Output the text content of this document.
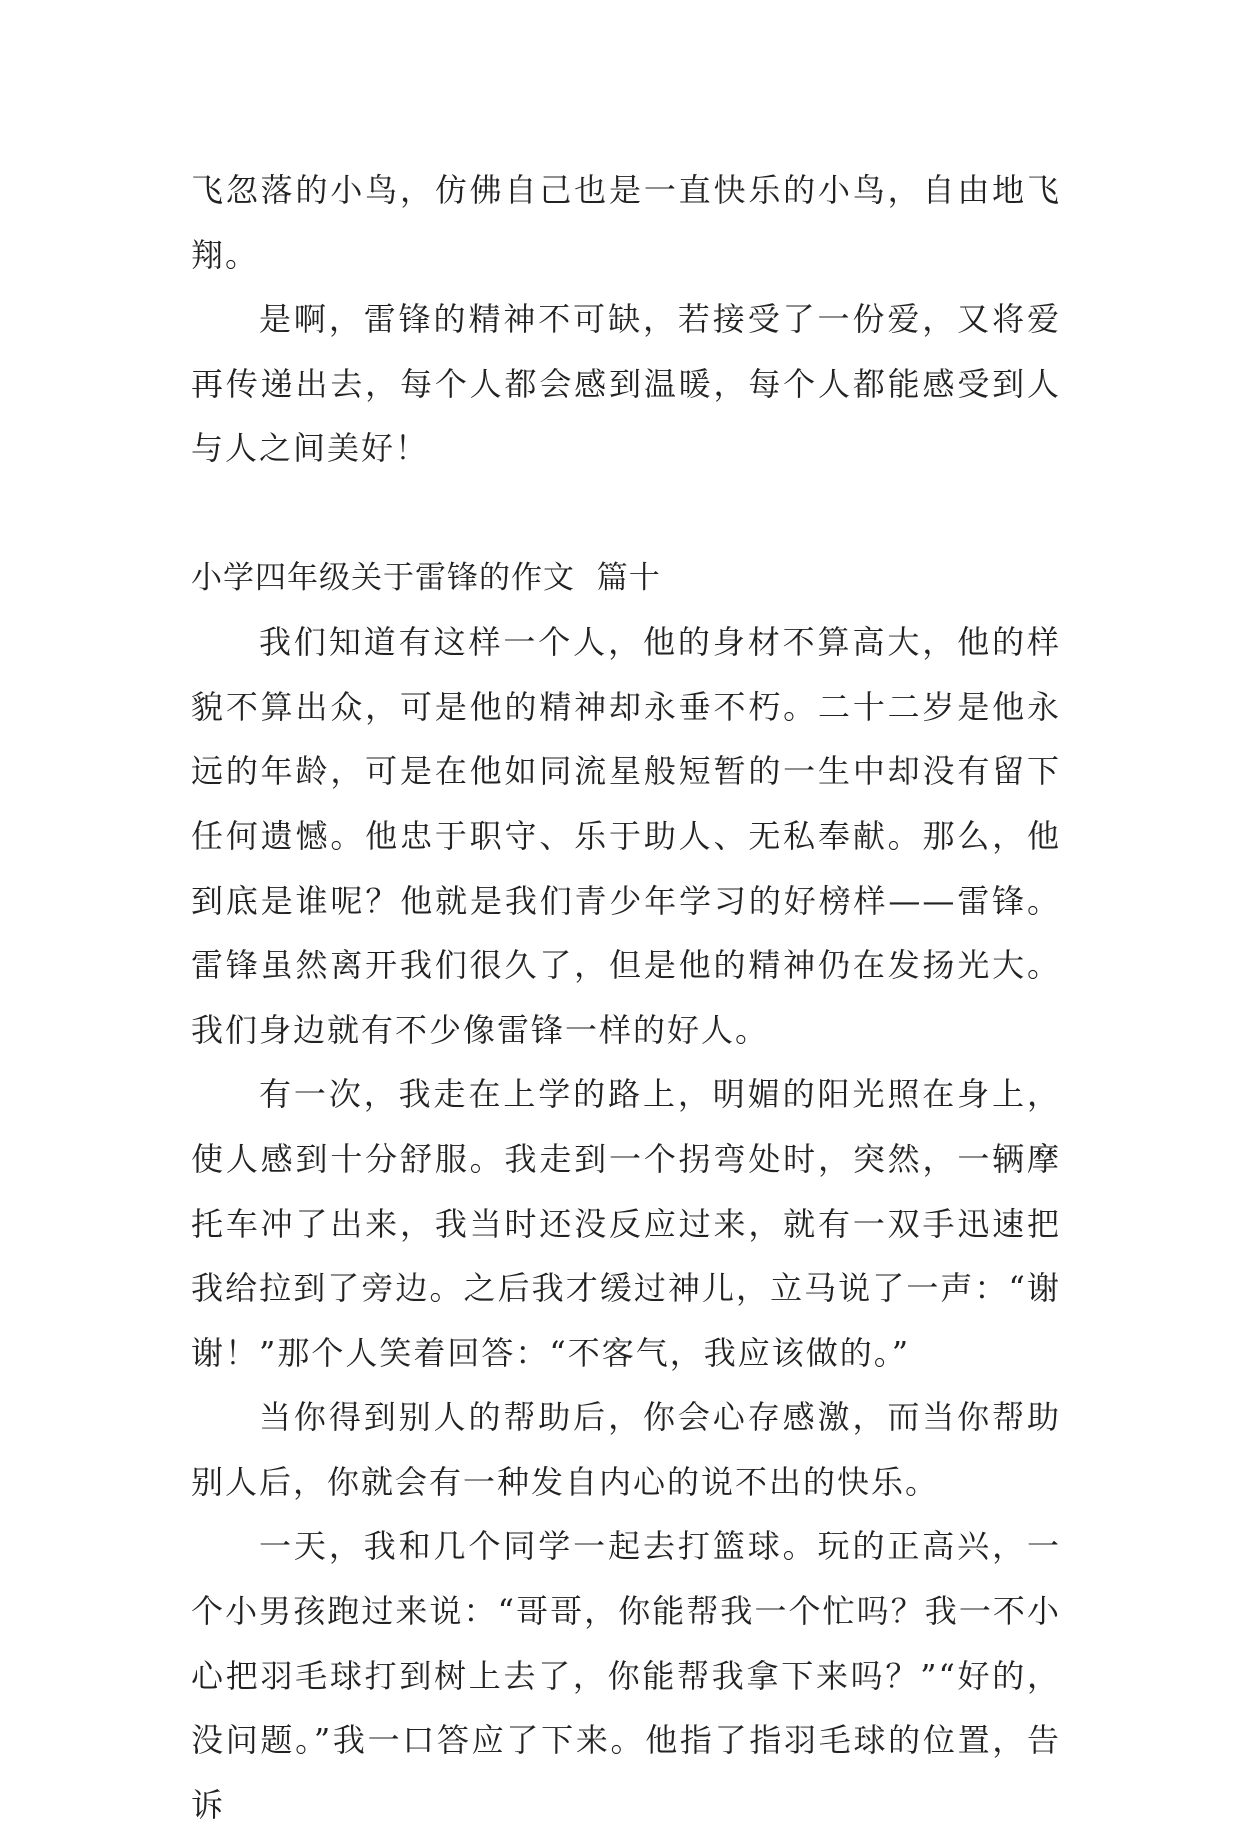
飞忽落的小鸟，仿佛自己也是一直快乐的小鸟，自由地飞翔。

是啊，雷锋的精神不可缺，若接受了一份爱，又将爱再传递出去，每个人都会感到温暖，每个人都能感受到人与人之间美好！

小学四年级关于雷锋的作文  篇十

我们知道有这样一个人，他的身材不算高大，他的样貌不算出众，可是他的精神却永垂不朽。二十二岁是他永远的年龄，可是在他如同流星般短暂的一生中却没有留下任何遗憾。他忠于职守、乐于助人、无私奉献。那么，他到底是谁呢？他就是我们青少年学习的好榜样——雷锋。雷锋虽然离开我们很久了，但是他的精神仍在发扬光大。我们身边就有不少像雷锋一样的好人。

有一次，我走在上学的路上，明媚的阳光照在身上，使人感到十分舒服。我走到一个拐弯处时，突然，一辆摩托车冲了出来，我当时还没反应过来，就有一双手迅速把我给拉到了旁边。之后我才缓过神儿，立马说了一声：“谢谢！”那个人笑着回答：“不客气，我应该做的。”

当你得到别人的帮助后，你会心存感激，而当你帮助别人后，你就会有一种发自内心的说不出的快乐。

一天，我和几个同学一起去打篮球。玩的正高兴，一个小男孩跑过来说：“哥哥，你能帮我一个忙吗？我一不小心把羽毛球打到树上去了，你能帮我拿下来吗？”“好的，没问题。”我一口答应了下来。他指了指羽毛球的位置，告诉
